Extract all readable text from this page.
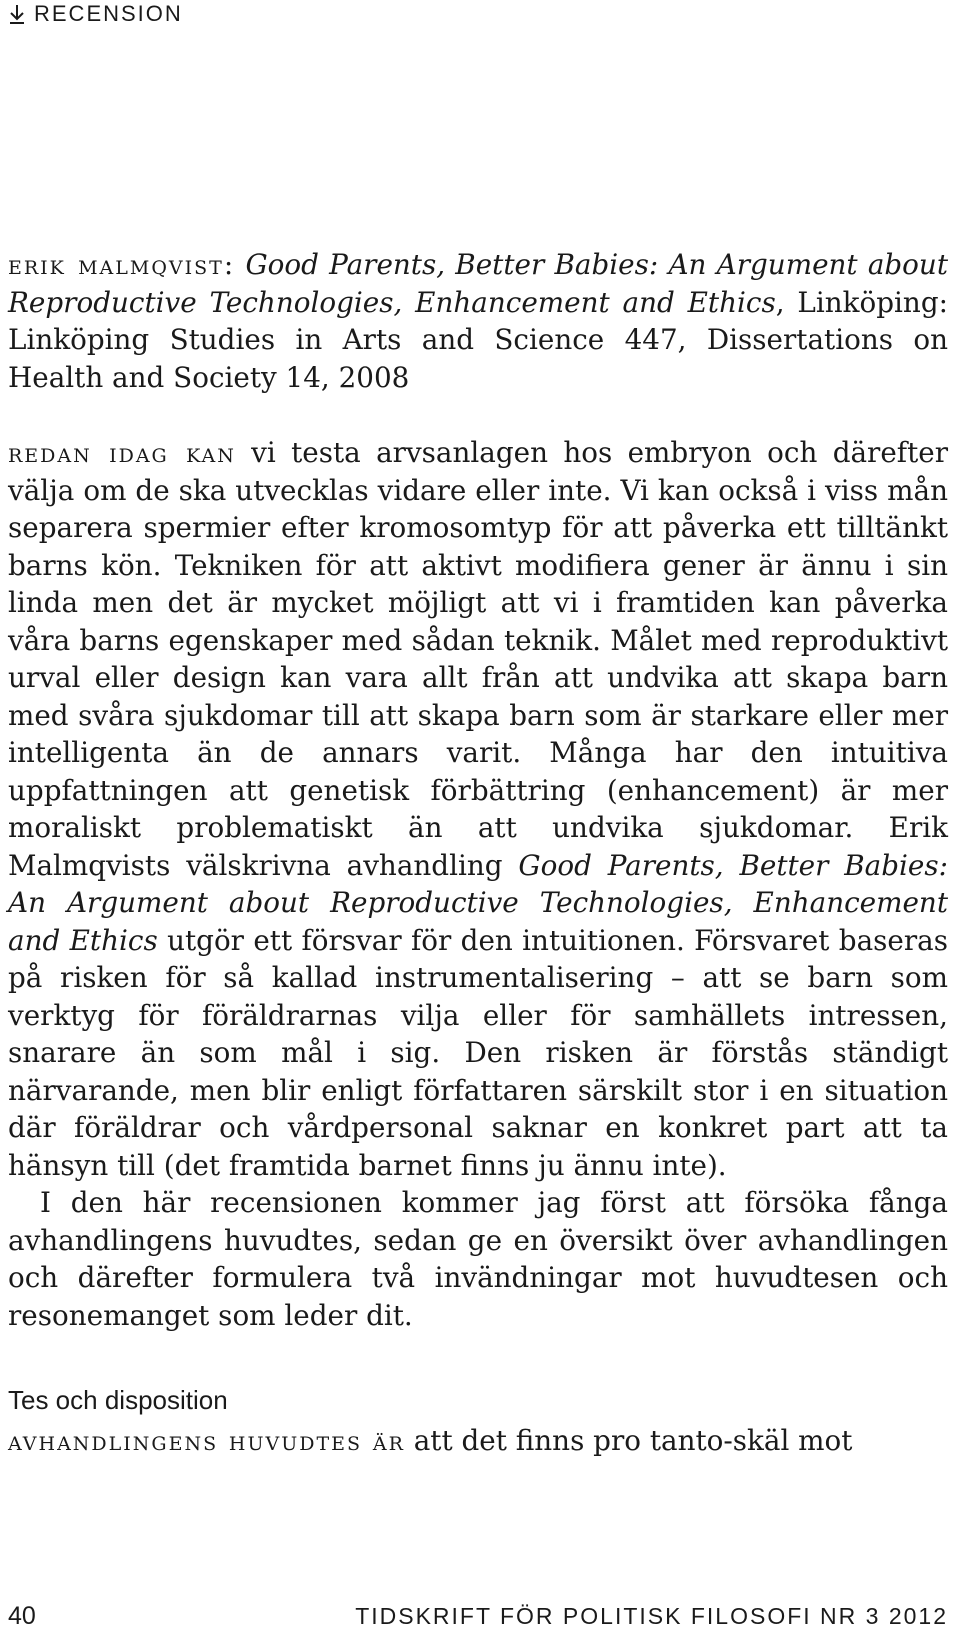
RECENSION

erik malmqvist: Good Parents, Better Babies: An Argument about Reproductive Technologies, Enhancement and Ethics, Linköping: Linköping Studies in Arts and Science 447, Dissertations on Health and Society 14, 2008

redan idag kan vi testa arvsanlagen hos embryon och därefter välja om de ska utvecklas vidare eller inte. Vi kan också i viss mån separera spermier efter kromosomtyp för att påverka ett tilltänkt barns kön. Tekniken för att aktivt modifiera gener är ännu i sin linda men det är mycket möjligt att vi i framtiden kan påverka våra barns egenskaper med sådan teknik. Målet med reproduktivt urval eller design kan vara allt från att undvika att skapa barn med svåra sjukdomar till att skapa barn som är starkare eller mer intelligenta än de annars varit. Många har den intuitiva uppfattningen att genetisk förbättring (enhancement) är mer moraliskt problematiskt än att undvika sjukdomar. Erik Malmqvists välskrivna avhandling Good Parents, Better Babies: An Argument about Reproductive Technologies, Enhancement and Ethics utgör ett försvar för den intuitionen. Försvaret baseras på risken för så kallad instrumentalisering – att se barn som verktyg för föräldrarnas vilja eller för samhällets intressen, snarare än som mål i sig. Den risken är förstås ständigt närvarande, men blir enligt författaren särskilt stor i en situation där föräldrar och vårdpersonal saknar en konkret part att ta hänsyn till (det framtida barnet finns ju ännu inte).

I den här recensionen kommer jag först att försöka fånga avhandlingens huvudtes, sedan ge en översikt över avhandlingen och därefter formulera två invändningar mot huvudtesen och resonemanget som leder dit.

Tes och disposition

avhandlingens huvudtes är att det finns pro tanto-skäl mot

40	TIDSKRIFT FÖR POLITISK FILOSOFI NR 3 2012
